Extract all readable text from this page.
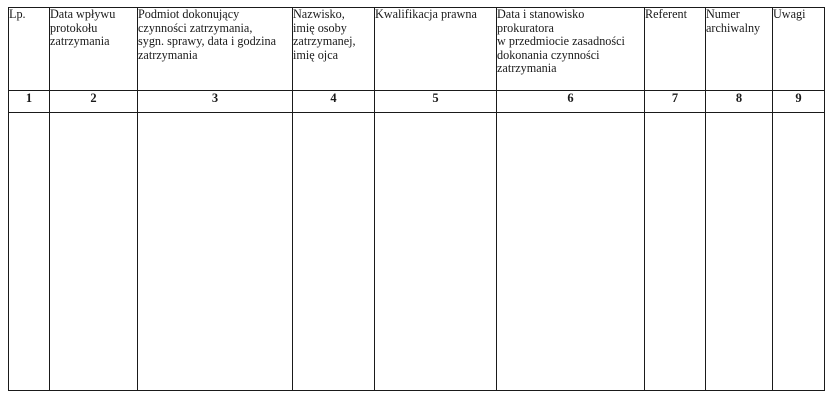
Lp.	Data wpływu
protokołu
zatrzymania	Podmiot dokonujący
czynności zatrzymania,
sygn. sprawy, data i godzina
zatrzymania	Nazwisko,
imię osoby
zatrzymanej,
imię ojca	Kwalifikacja prawna	Data i stanowisko
prokuratora
w przedmiocie zasadności
dokonania czynności
zatrzymania	Referent	Numer
archiwalny	Uwagi
1	2	3	4	5	6	7	8	9
